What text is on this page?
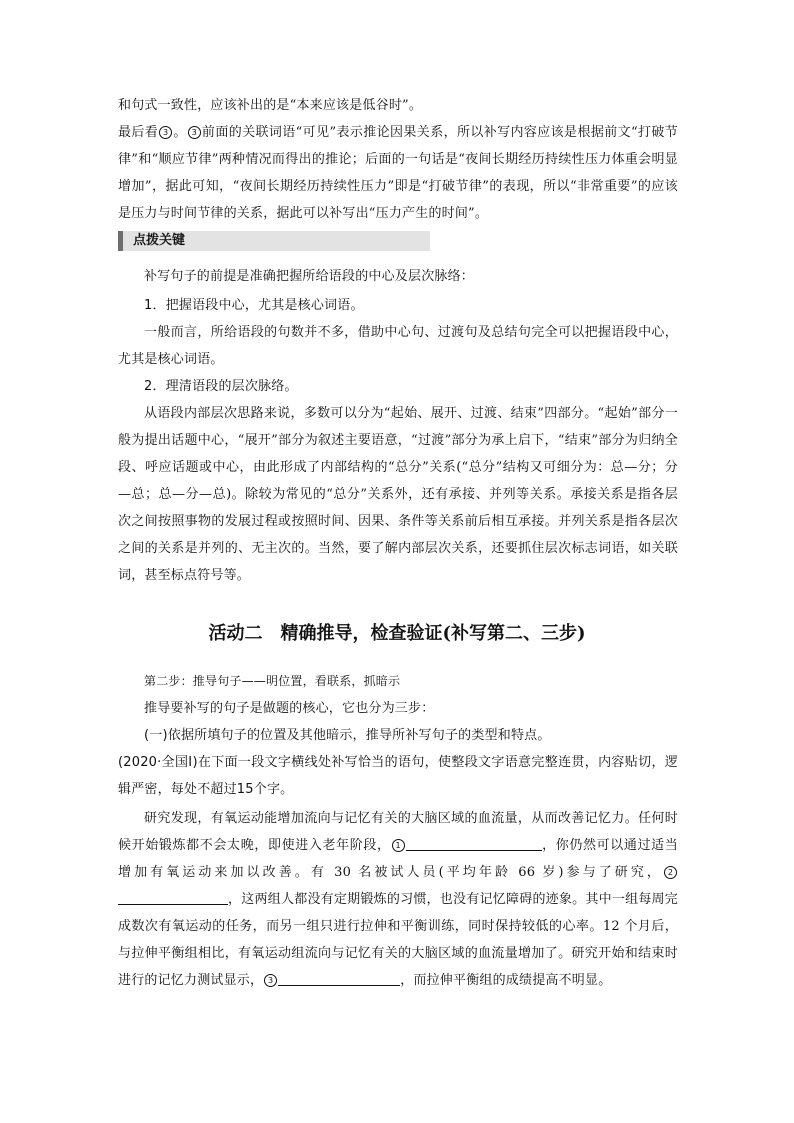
和句式一致性，应该补出的是“本来应该是低谷时”。

最后看 3 。 3 前面的关联词语“可见”表示推论因果关系，所以补写内容应该是根据前文“打破节律”和“顺应节律”两种情况而得出的推论；后面的一句话是“夜间长期经历持续性压力体重会明显增加”，据此可知，“夜间长期经历持续性压力”即是“打破节律”的表现，所以“非常重要”的应该是压力与时间节律的关系，据此可以补写出“压力产生的时间”。

点拨关键

补写句子的前提是准确把握所给语段的中心及层次脉络：

1．把握语段中心，尤其是核心词语。

一般而言，所给语段的句数并不多，借助中心句、过渡句及总结句完全可以把握语段中心，尤其是核心词语。

2．理清语段的层次脉络。

从语段内部层次思路来说，多数可以分为“起始、展开、过渡、结束”四部分。“起始”部分一般为提出话题中心，“展开”部分为叙述主要语意，“过渡”部分为承上启下，“结束”部分为归纳全段、呼应话题或中心，由此形成了内部结构的“总分”关系(“总分”结构又可细分为：总—分；分—总；总—分—总)。除较为常见的“总分”关系外，还有承接、并列等关系。承接关系是指各层次之间按照事物的发展过程或按照时间、因果、条件等关系前后相互承接。并列关系是指各层次之间的关系是并列的、无主次的。当然，要了解内部层次关系，还要抓住层次标志词语，如关联词，甚至标点符号等。

活动二　精确推导，检查验证(补写第二、三步)

第二步：推导句子——明位置，看联系，抓暗示

推导要补写的句子是做题的核心，它也分为三步：

(一)依据所填句子的位置及其他暗示，推导所补写句子的类型和特点。

(2020·全国Ⅰ)在下面一段文字横线处补写恰当的语句，使整段文字语意完整连贯，内容贴切，逻辑严密，每处不超过15个字。

研究发现，有氧运动能增加流向与记忆有关的大脑区域的血流量，从而改善记忆力。任何时候开始锻炼都不会太晚，即使进入老年阶段， 1	，你仍然可以通过适当增加有氧运动来加以改善。有 30 名被试人员(平均年龄 66 岁)参与了研究， 2，这两组人都没有定期锻炼的习惯，也没有记忆障碍的迹象。其中一组每周完成数次有氧运动的任务，而另一组只进行拉伸和平衡训练，同时保持较低的心率。12 个月后，与拉伸平衡组相比，有氧运动组流向与记忆有关的大脑区域的血流量增加了。研究开始和结束时进行的记忆力测试显示， 3	，而拉伸平衡组的成绩提高不明显。
